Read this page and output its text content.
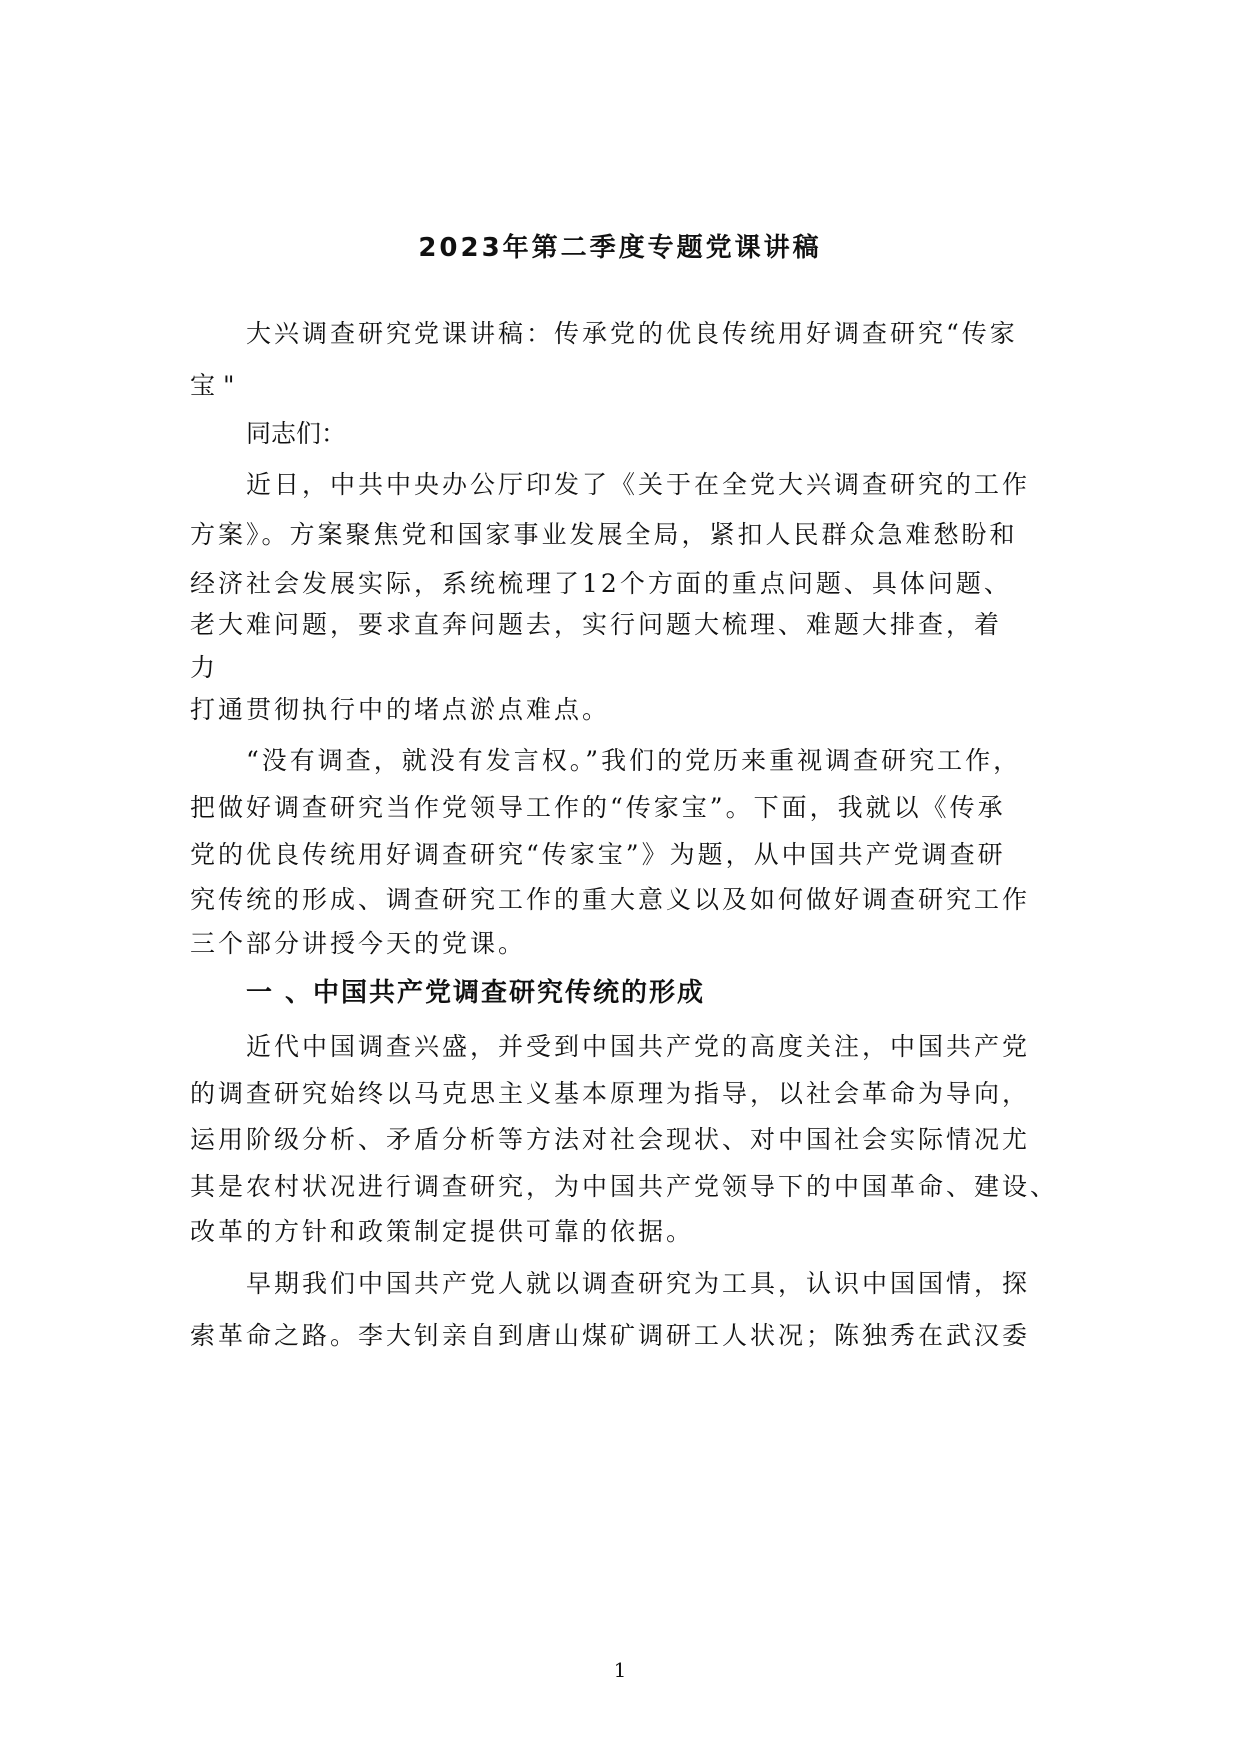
2023年第二季度专题党课讲稿

大兴调查研究党课讲稿：传承党的优良传统用好调查研究“传家

宝 "

同志们：

近日，中共中央办公厅印发了《关于在全党大兴调查研究的工作

方案》。方案聚焦党和国家事业发展全局，紧扣人民群众急难愁盼和

经济社会发展实际，系统梳理了12个方面的重点问题、具体问题、

老大难问题，要求直奔问题去，实行问题大梳理、难题大排查，着

力

打通贯彻执行中的堵点淤点难点。

“没有调查，就没有发言权。”我们的党历来重视调查研究工作，

把做好调查研究当作党领导工作的“传家宝”。下面，我就以《传承

党的优良传统用好调查研究“传家宝”》为题，从中国共产党调查研

究传统的形成、调查研究工作的重大意义以及如何做好调查研究工作

三个部分讲授今天的党课。

一 、中国共产党调查研究传统的形成

近代中国调查兴盛，并受到中国共产党的高度关注，中国共产党

的调查研究始终以马克思主义基本原理为指导，以社会革命为导向，

运用阶级分析、矛盾分析等方法对社会现状、对中国社会实际情况尤

其是农村状况进行调查研究，为中国共产党领导下的中国革命、建设、

改革的方针和政策制定提供可靠的依据。

早期我们中国共产党人就以调查研究为工具，认识中国国情，探

索革命之路。李大钊亲自到唐山煤矿调研工人状况；陈独秀在武汉委

1
